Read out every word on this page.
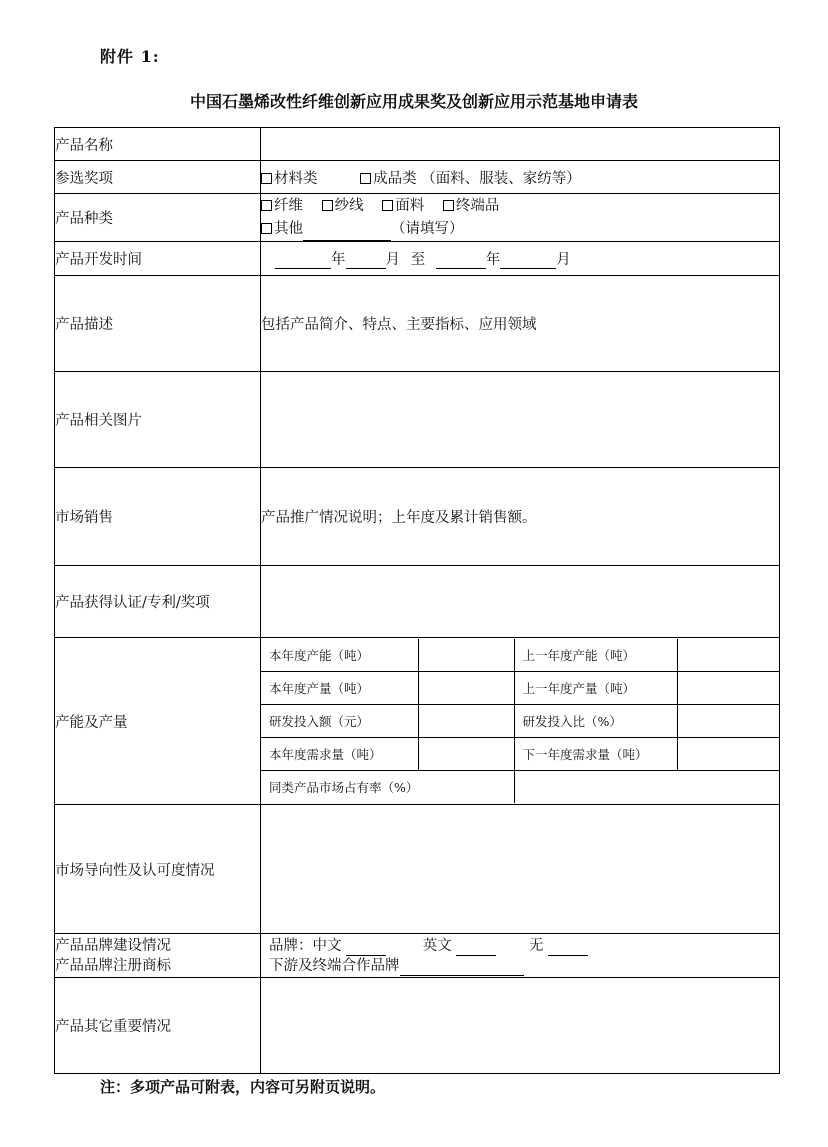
附件 1:
中国石墨烯改性纤维创新应用成果奖及创新应用示范基地申请表
产品名称	
参选奖项	材料类	成品类 （面料、服装、家纺等）
产品种类	
纤维 纱线 面料 终端品
其他	（请填写）

产品开发时间	年	月 至	年	月
产品描述	包括产品简介、特点、主要指标、应用领域
产品相关图片	
市场销售	产品推广情况说明；上年度及累计销售额。
产品获得认证/专利/奖项	
产能及产量	
本年度产能（吨）		上一年度产能（吨）	
本年度产量（吨）		上一年度产量（吨）	
研发投入额（元）		研发投入比（%）	
本年度需求量（吨）		下一年度需求量（吨）	
同类产品市场占有率（%）	

市场导向性及认可度情况	

产品品牌建设情况
产品品牌注册商标

品牌：中文	英文	无
下游及终端合作品牌

产品其它重要情况	
注：多项产品可附表，内容可另附页说明。
